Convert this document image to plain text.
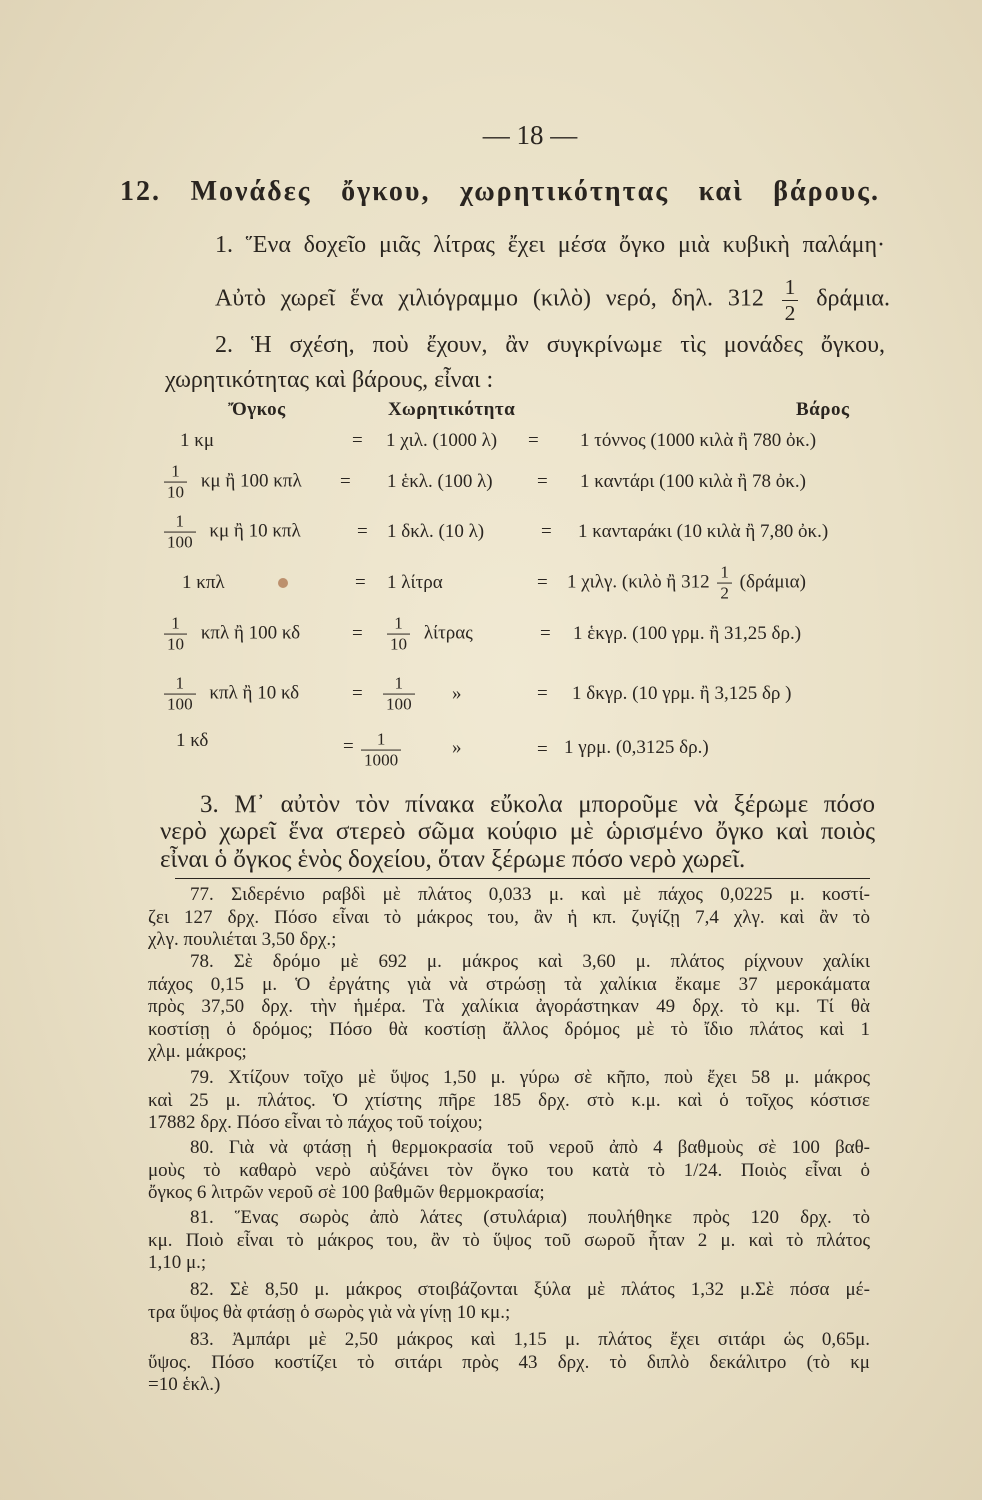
— 18 —
12. Μονάδες ὄγκου, χωρητικότητας καὶ βάρους.
1. Ἕνα δοχεῖο μιᾶς λίτρας ἔχει μέσα ὄγκο μιὰ κυβικὴ παλάμη·
Αὐτὸ χωρεῖ ἕνα χιλιόγραμμο (κιλὸ) νερό, δηλ. $312 \frac{1}{2} \delta\rho ά\mu\iota\alpha$.
2. Ἡ σχέση, ποὺ ἔχουν, ἂν συγκρίνωμε τὶς μονάδες ὄγκου,
χωρητικότητας καὶ βάρους, εἶναι :
Ὄγκος	Χωρητικότητα	Βάρος
1 κμ	= 1 χιλ. (1000 λ) = 1 τόννος (1000 κιλὰ ἢ 780 ὀκ.)
$\frac{1}{10}$ κμ ἢ 100 κπλ = 1 ἑκλ. (100 λ) = 1 καντάρι (100 κιλὰ ἢ 78 ὀκ.)
$\frac{1}{100}$ κμ ἢ 10 κπλ	= 1 δκλ. (10 λ)	= 1 κανταράκι (10 κιλὰ ἢ 7,80 ὀκ.)
1 κπλ	= 1 λίτρα	= 1 χιλγ. (κιλὸ ἢ $312 \frac{1}{2} (\delta\rho ά\mu\iota\alpha)$
$\frac{1}{10}$ κπλ ἢ 100 κδ	= $\frac{1}{10}$ λίτρας	= 1 ἑκγρ. (100 γρμ. ἢ 31,25 δρ.)
$\frac{1}{100}$ κπλ ἢ 10 κδ	= $\frac{1}{100}$ »	= 1 δκγρ. (10 γρμ. ἢ 3,125 δρ )
1 κδ	= $\frac{1}{1000}$	»	= 1 γρμ. (0,3125 δρ.)
3. Μ᾿ αὐτὸν τὸν πίνακα εὔκολα μποροῦμε νὰ ξέρωμε πόσο
νερὸ χωρεῖ ἕνα στερεὸ σῶμα κούφιο μὲ ὡρισμένο ὄγκο καὶ ποιὸς
εἶναι ὁ ὄγκος ἑνὸς δοχείου, ὅταν ξέρωμε πόσο νερὸ χωρεῖ.
77. Σιδερένιο ραβδὶ μὲ πλάτος 0,033 μ. καὶ μὲ πάχος 0,0225 μ. κοστί-
ζει 127 δρχ. Πόσο εἶναι τὸ μάκρος του, ἂν ἡ κπ. ζυγίζῃ 7,4 χλγ. καὶ ἂν τὸ
χλγ. πουλιέται 3,50 δρχ.;
78. Σὲ δρόμο μὲ 692 μ. μάκρος καὶ 3,60 μ. πλάτος ρίχνουν χαλίκι
πάχος 0,15 μ. Ὁ ἐργάτης γιὰ νὰ στρώσῃ τὰ χαλίκια ἔκαμε 37 μεροκάματα
πρὸς 37,50 δρχ. τὴν ἡμέρα. Τὰ χαλίκια ἀγοράστηκαν 49 δρχ. τὸ κμ. Τί θὰ
κοστίσῃ ὁ δρόμος; Πόσο θὰ κοστίσῃ ἄλλος δρόμος μὲ τὸ ἴδιο πλάτος καὶ 1
χλμ. μάκρος;
79. Χτίζουν τοῖχο μὲ ὕψος 1,50 μ. γύρω σὲ κῆπο, ποὺ ἔχει 58 μ. μάκρος
καὶ 25 μ. πλάτος. Ὁ χτίστης πῆρε 185 δρχ. στὸ κ.μ. καὶ ὁ τοῖχος κόστισε
17882 δρχ. Πόσο εἶναι τὸ πάχος τοῦ τοίχου;
80. Γιὰ νὰ φτάσῃ ἡ θερμοκρασία τοῦ νεροῦ ἀπὸ 4 βαθμοὺς σὲ 100 βαθ-
μοὺς τὸ καθαρὸ νερὸ αὐξάνει τὸν ὄγκο του κατὰ τὸ 1/24. Ποιὸς εἶναι ὁ
ὄγκος 6 λιτρῶν νεροῦ σὲ 100 βαθμῶν θερμοκρασία;
81. Ἕνας σωρὸς ἀπὸ λάτες (στυλάρια) πουλήθηκε πρὸς 120 δρχ. τὸ
κμ. Ποιὸ εἶναι τὸ μάκρος του, ἂν τὸ ὕψος τοῦ σωροῦ ἦταν 2 μ. καὶ τὸ πλάτος
1,10 μ.;
82. Σὲ 8,50 μ. μάκρος στοιβάζονται ξύλα μὲ πλάτος 1,32 μ.Σὲ πόσα μέ-
τρα ὕψος θὰ φτάσῃ ὁ σωρὸς γιὰ νὰ γίνῃ 10 κμ.;
83. Ἀμπάρι μὲ 2,50 μάκρος καὶ 1,15 μ. πλάτος ἔχει σιτάρι ὡς 0,65μ.
ὕψος. Πόσο κοστίζει τὸ σιτάρι πρὸς 43 δρχ. τὸ διπλὸ δεκάλιτρο (τὸ κμ
=10 ἑκλ.)
